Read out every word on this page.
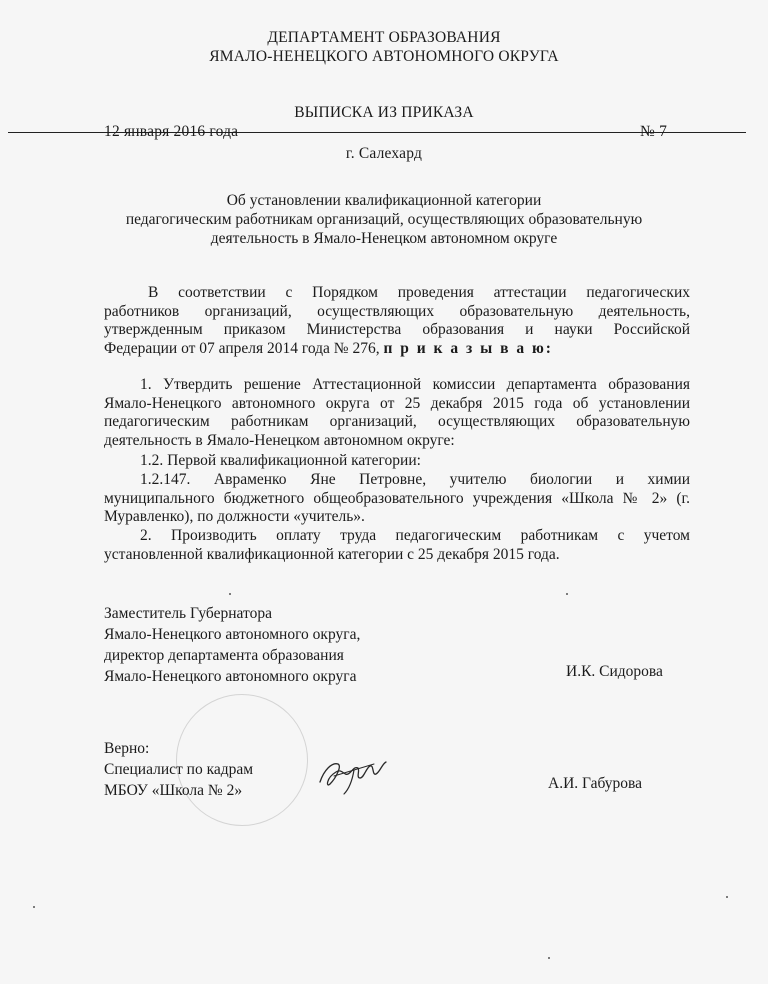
ДЕПАРТАМЕНТ ОБРАЗОВАНИЯ
ЯМАЛО-НЕНЕЦКОГО АВТОНОМНОГО ОКРУГА
ВЫПИСКА ИЗ ПРИКАЗА
12 января 2016 года	№ 7
г. Салехард
Об установлении квалификационной категории
педагогическим работникам организаций, осуществляющих образовательную
деятельность в Ямало-Ненецком автономном округе
В соответствии с Порядком проведения аттестации педагогических
работников организаций, осуществляющих образовательную деятельность,
утвержденным приказом Министерства образования и науки Российской
Федерации от 07 апреля 2014 года № 276, п р и к а з ы в а ю:
1. Утвердить решение Аттестационной комиссии департамента образования
Ямало-Ненецкого автономного округа от 25 декабря 2015 года об установлении
педагогическим работникам организаций, осуществляющих образовательную
деятельность в Ямало-Ненецком автономном округе:
1.2. Первой квалификационной категории:
1.2.147. Авраменко Яне Петровне, учителю биологии и химии
муниципального бюджетного общеобразовательного учреждения «Школа № 2» (г.
Муравленко), по должности «учитель».
2. Производить оплату труда педагогическим работникам с учетом
установленной квалификационной категории с 25 декабря 2015 года.
Заместитель Губернатора
Ямало-Ненецкого автономного округа,
директор департамента образования
Ямало-Ненецкого автономного округа	И.К. Сидорова
Верно:
Специалист по кадрам
МБОУ «Школа № 2»	А.И. Габурова
